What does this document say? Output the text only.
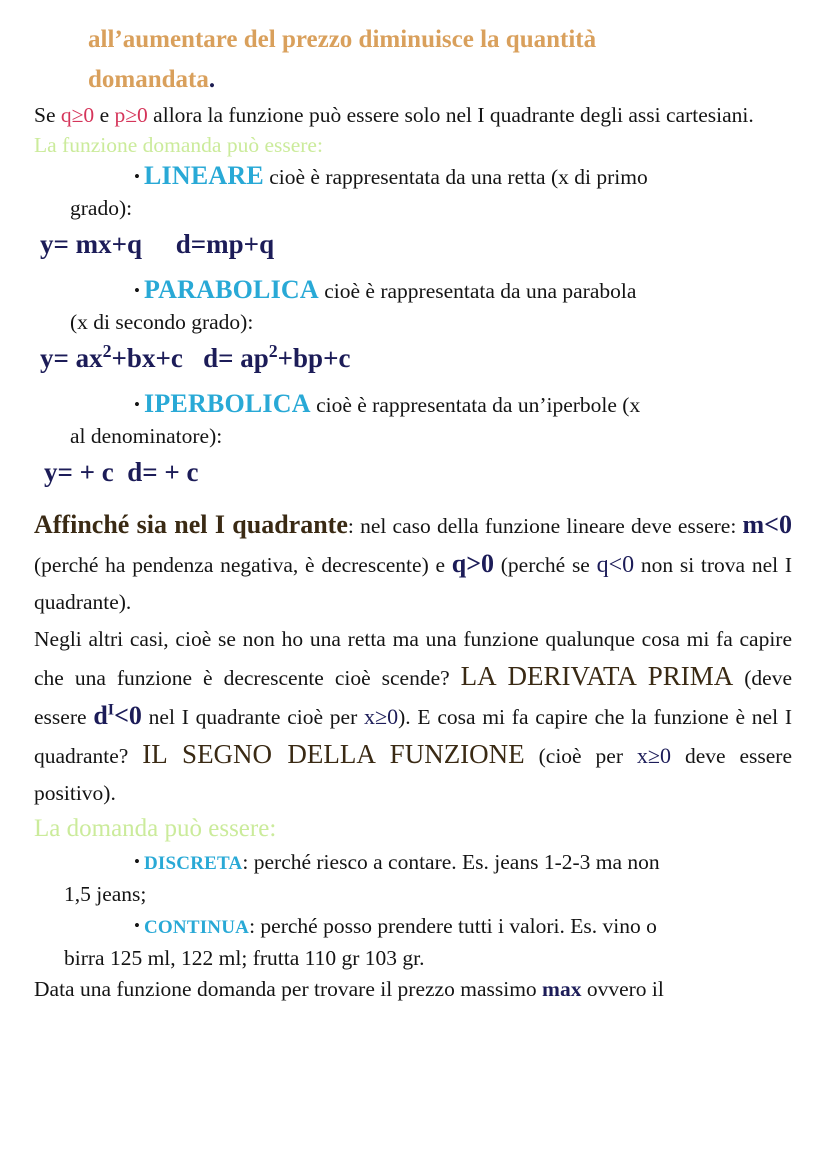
all’aumentare del prezzo diminuisce la quantità
domandata.

Se q≥0 e p≥0 allora la funzione può essere solo nel I quadrante degli assi cartesiani.

La funzione domanda può essere:

•LINEARE cioè è rappresentata da una retta (x di primo

grado):

y= mx+q     d=mp+q

•PARABOLICA cioè è rappresentata da una parabola

(x di secondo grado):

$y= ax^2+bx+c$   $d= ap^2+bp+c$

•IPERBOLICA cioè è rappresentata da un’iperbole (x

al denominatore):

y= + c  d= + c

Affinché sia nel I quadrante: nel caso della funzione lineare deve essere: m<0 (perché ha pendenza negativa, è decrescente) e q>0 (perché se q<0 non si trova nel I quadrante).

Negli altri casi, cioè se non ho una retta ma una funzione qualunque cosa mi fa capire che una funzione è decrescente cioè scende? LA DERIVATA PRIMA (deve essere $d^I<0$ nel I quadrante cioè per x≥0). E cosa mi fa capire che la funzione è nel I quadrante? IL SEGNO DELLA FUNZIONE (cioè per x≥0 deve essere positivo).

La domanda può essere:

•DISCRETA: perché riesco a contare. Es. jeans 1-2-3 ma non

1,5 jeans;

•CONTINUA: perché posso prendere tutti i valori. Es. vino o

birra 125 ml, 122 ml; frutta 110 gr 103 gr.

Data una funzione domanda per trovare il prezzo massimo max ovvero il
